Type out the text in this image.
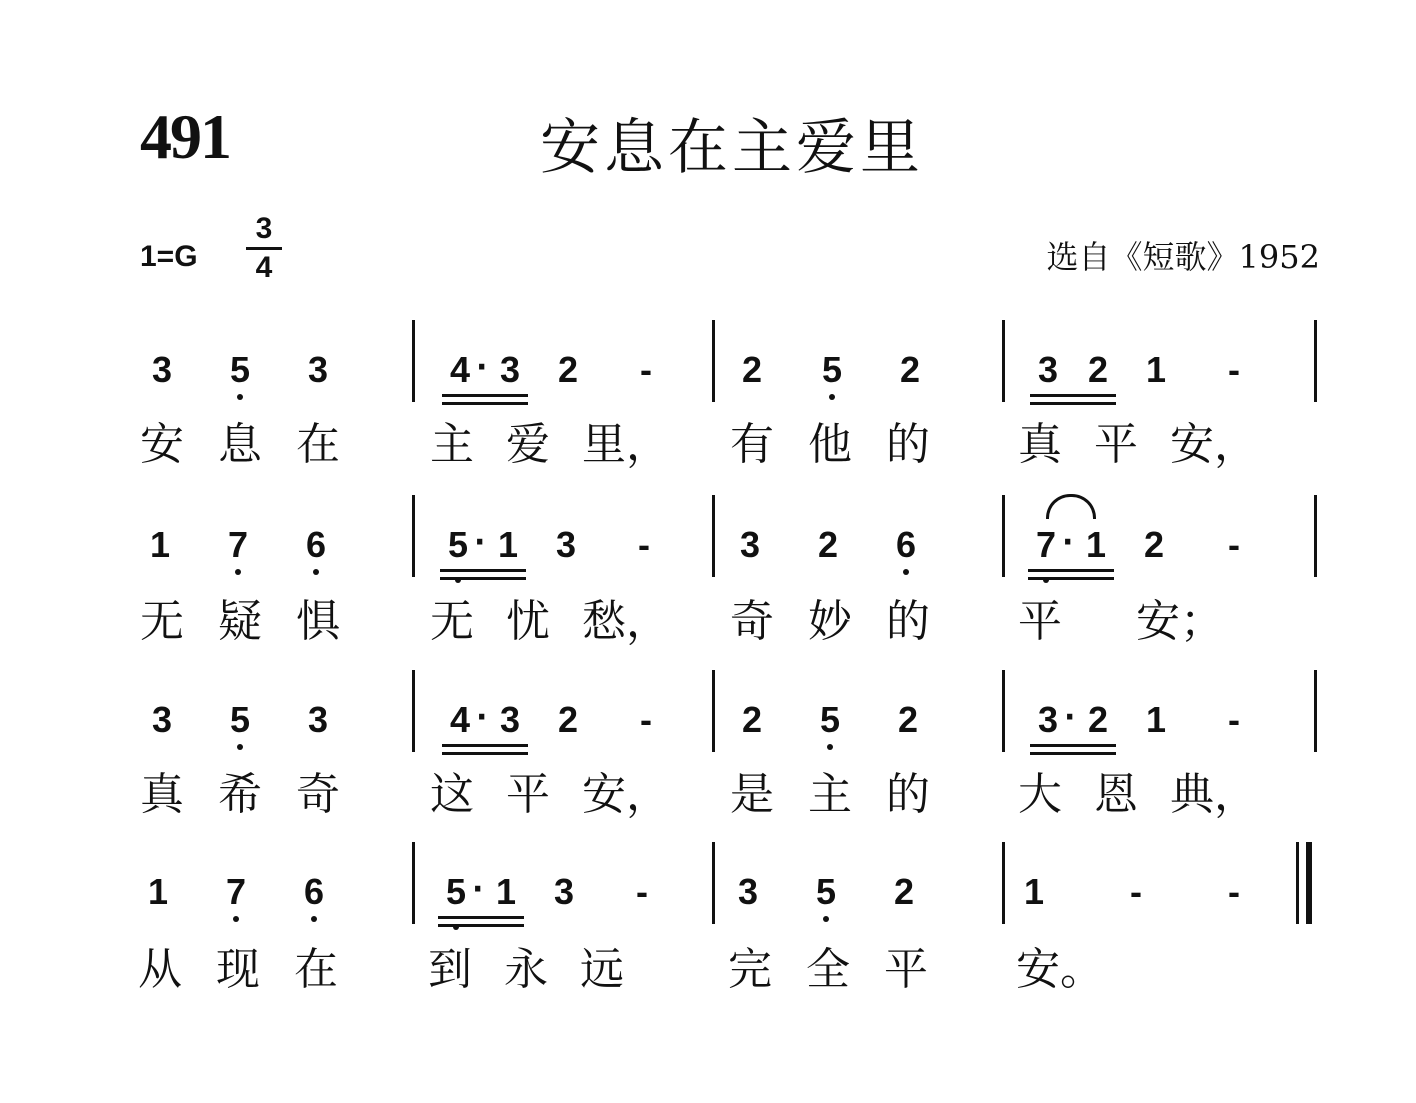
491	安息在主爱里
1=G
3
4	选自《短歌》1952
3 5 3	4 3 2	-	2 5 2	3 2 1	-
·
安 息 在 主 爱 里， 有 他 的 真 平 安，
1 7 6	5 1 3	-	3 2 6	7 1 2	-
·	·
无 疑 惧 无 忧 愁， 奇 妙 的 平 安；
3 5 3	4 3 2	-	2 5 2	3 2 1	-
·	·
真 希 奇 这 平 安， 是 主 的 大 恩 典，
1 7 6	5 1 3	-	3 5 2	1	-	-
·
从 现 在 到 永 远 完 全 平 安。
